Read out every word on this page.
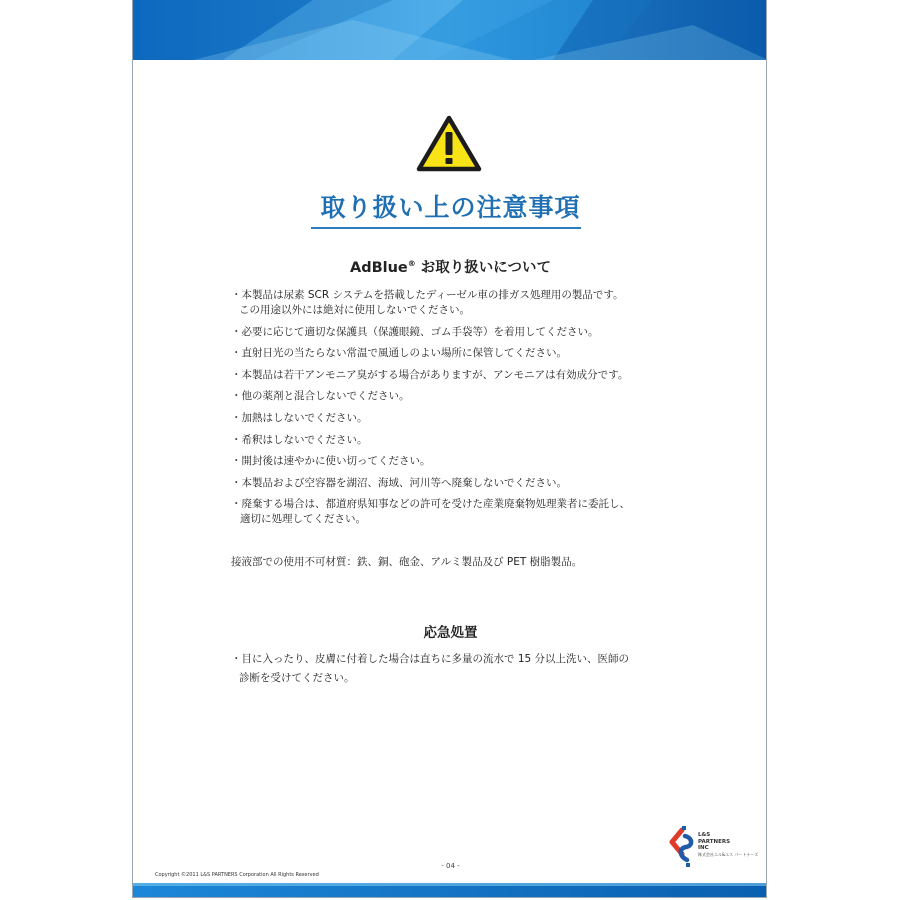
取り扱い上の注意事項
AdBlue® お取り扱いについて
・本製品は尿素 SCR システムを搭載したディーゼル車の排ガス処理用の製品です。
この用途以外には絶対に使用しないでください。
・必要に応じて適切な保護具（保護眼鏡、ゴム手袋等）を着用してください。
・直射日光の当たらない常温で風通しのよい場所に保管してください。
・本製品は若干アンモニア臭がする場合がありますが、アンモニアは有効成分です。
・他の薬剤と混合しないでください。
・加熱はしないでください。
・希釈はしないでください。
・開封後は速やかに使い切ってください。
・本製品および空容器を湖沼、海域、河川等へ廃棄しないでください。
・廃棄する場合は、都道府県知事などの許可を受けた産業廃棄物処理業者に委託し、
適切に処理してください。

接液部での使用不可材質：鉄、銅、砲金、アルミ製品及び PET 樹脂製品。

応急処置

・目に入ったり、皮膚に付着した場合は直ちに多量の流水で 15 分以上洗い、医師の
診断を受けてください。

Copyright ©2011 L&S PARTNERS Corporation All Rights Reserved
- 04 -
L&S
PARTNERS
INC
株式会社エル&エス パートナーズ
